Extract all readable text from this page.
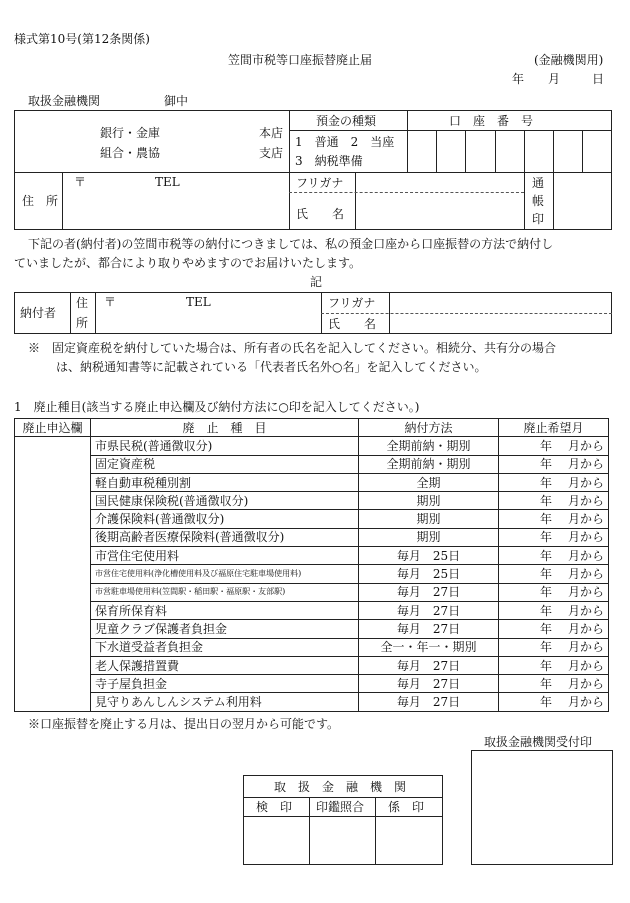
様式第10号(第12条関係)
笠間市税等口座振替廃止届	(金融機関用)
年 月	日
取扱金融機関	御中
銀行・金庫
組合・農協
本店
支店
預金の種類
1　普通　2　当座
3　納税準備
口　座　番　号
住　所
〒	TEL	フリガナ
氏　　名
通
帳
印
下記の者(納付者)の笠間市税等の納付につきましては、私の預金口座から口座振替の方法で納付し
ていましたが、都合により取りやめますのでお届けいたします。
記
納付者
住
所
〒	TEL	フリガナ
氏　　名
※　固定資産税を納付していた場合は、所有者の氏名を記入してください。相続分、共有分の場合
は、納税通知書等に記載されている「代表者氏名外○名」を記入してください。
1　廃止種目(該当する廃止申込欄及び納付方法に○印を記入してください。)
廃止申込欄	廃　止　種　目	納付方法	廃止希望月
	市県民税(普通徴収分)	全期前納・期別	年 月から
	固定資産税	全期前納・期別	年 月から
	軽自動車税種別割	全期	年 月から
	国民健康保険税(普通徴収分)	期別	年 月から
	介護保険料(普通徴収分)	期別	年 月から
	後期高齢者医療保険料(普通徴収分)	期別	年 月から
	市営住宅使用料	毎月　25日	年 月から
	市営住宅使用料(浄化槽使用料及び福原住宅駐車場使用料)	毎月　25日	年 月から
	市営駐車場使用料(笠間駅・稲田駅・福原駅・友部駅)	毎月　27日	年 月から
	保育所保育料	毎月　27日	年 月から
	児童クラブ保護者負担金	毎月　27日	年 月から
	下水道受益者負担金	全一・年一・期別	年 月から
	老人保護措置費	毎月　27日	年 月から
	寺子屋負担金	毎月　27日	年 月から
	見守りあんしんシステム利用料	毎月　27日	年 月から
※口座振替を廃止する月は、提出日の翌月から可能です。
取扱金融機関受付印
取　扱　金　融　機　関
検　印 印鑑照合 係　印
